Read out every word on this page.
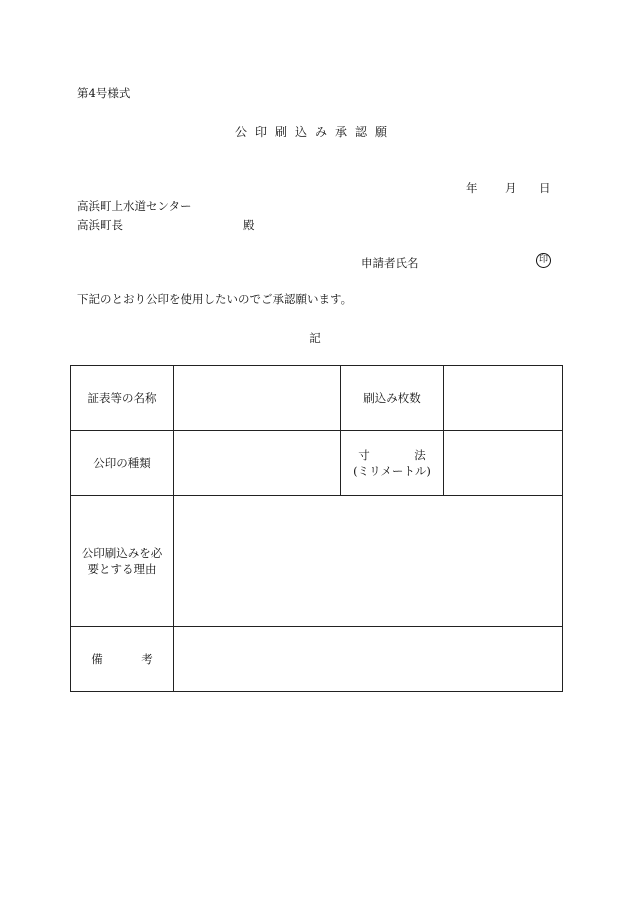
第4号様式
公印刷込み承認願
年 月 日
高浜町上水道センター
高浜町長	殿
申請者氏名	印
下記のとおり公印を使用したいのでご承認願います。
記
証表等の名称		刷込み枚数	
公印の種類		寸 法
(ミリメートル)	

公印刷込みを必
要とする理由			

備 考			
